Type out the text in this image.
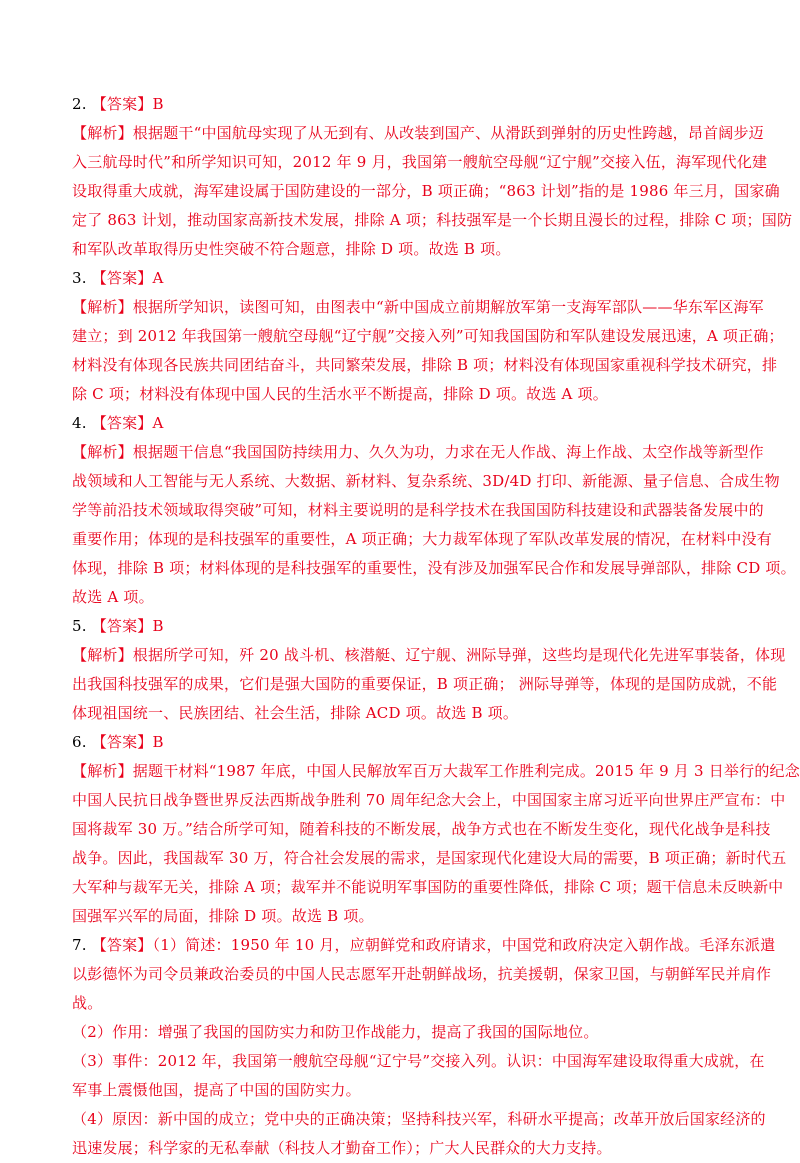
2. 【答案】B
【解析】根据题干“中国航母实现了从无到有、从改装到国产、从滑跃到弹射的历史性跨越，昂首阔步迈
入三航母时代”和所学知识可知，2012 年 9 月，我国第一艘航空母舰“辽宁舰”交接入伍，海军现代化建
设取得重大成就，海军建设属于国防建设的一部分，B 项正确；“863 计划”指的是 1986 年三月，国家确
定了 863 计划，推动国家高新技术发展，排除 A 项；科技强军是一个长期且漫长的过程，排除 C 项；国防
和军队改革取得历史性突破不符合题意，排除 D 项。故选 B 项。
3. 【答案】A
【解析】根据所学知识，读图可知，由图表中“新中国成立前期解放军第一支海军部队——华东军区海军
建立；到 2012 年我国第一艘航空母舰“辽宁舰”交接入列”可知我国国防和军队建设发展迅速，A 项正确；
材料没有体现各民族共同团结奋斗，共同繁荣发展，排除 B 项；材料没有体现国家重视科学技术研究，排
除 C 项；材料没有体现中国人民的生活水平不断提高，排除 D 项。故选 A 项。
4. 【答案】A
【解析】根据题干信息“我国国防持续用力、久久为功，力求在无人作战、海上作战、太空作战等新型作
战领域和人工智能与无人系统、大数据、新材料、复杂系统、3D/4D 打印、新能源、量子信息、合成生物
学等前沿技术领域取得突破”可知，材料主要说明的是科学技术在我国国防科技建设和武器装备发展中的
重要作用；体现的是科技强军的重要性，A 项正确；大力裁军体现了军队改革发展的情况，在材料中没有
体现，排除 B 项；材料体现的是科技强军的重要性，没有涉及加强军民合作和发展导弹部队，排除 CD 项。
故选 A 项。
5. 【答案】B
【解析】根据所学可知，歼 20 战斗机、核潜艇、辽宁舰、洲际导弹，这些均是现代化先进军事装备，体现
出我国科技强军的成果，它们是强大国防的重要保证，B 项正确； 洲际导弹等，体现的是国防成就，不能
体现祖国统一、民族团结、社会生活，排除 ACD 项。故选 B 项。
6. 【答案】B
【解析】据题干材料“1987 年底，中国人民解放军百万大裁军工作胜利完成。2015 年 9 月 3 日举行的纪念
中国人民抗日战争暨世界反法西斯战争胜利 70 周年纪念大会上，中国国家主席习近平向世界庄严宣布：中
国将裁军 30 万。”结合所学可知，随着科技的不断发展，战争方式也在不断发生变化，现代化战争是科技
战争。因此，我国裁军 30 万，符合社会发展的需求，是国家现代化建设大局的需要，B 项正确；新时代五
大军种与裁军无关，排除 A 项；裁军并不能说明军事国防的重要性降低，排除 C 项；题干信息未反映新中
国强军兴军的局面，排除 D 项。故选 B 项。
7. 【答案】（1）简述：1950 年 10 月，应朝鲜党和政府请求，中国党和政府决定入朝作战。毛泽东派遣
以彭德怀为司令员兼政治委员的中国人民志愿军开赴朝鲜战场，抗美援朝，保家卫国，与朝鲜军民并肩作
战。
（2）作用：增强了我国的国防实力和防卫作战能力，提高了我国的国际地位。
（3）事件：2012 年，我国第一艘航空母舰“辽宁号”交接入列。认识：中国海军建设取得重大成就，在
军事上震慑他国，提高了中国的国防实力。
（4）原因：新中国的成立；党中央的正确决策；坚持科技兴军，科研水平提高；改革开放后国家经济的
迅速发展；科学家的无私奉献（科技人才勤奋工作）；广大人民群众的大力支持。
